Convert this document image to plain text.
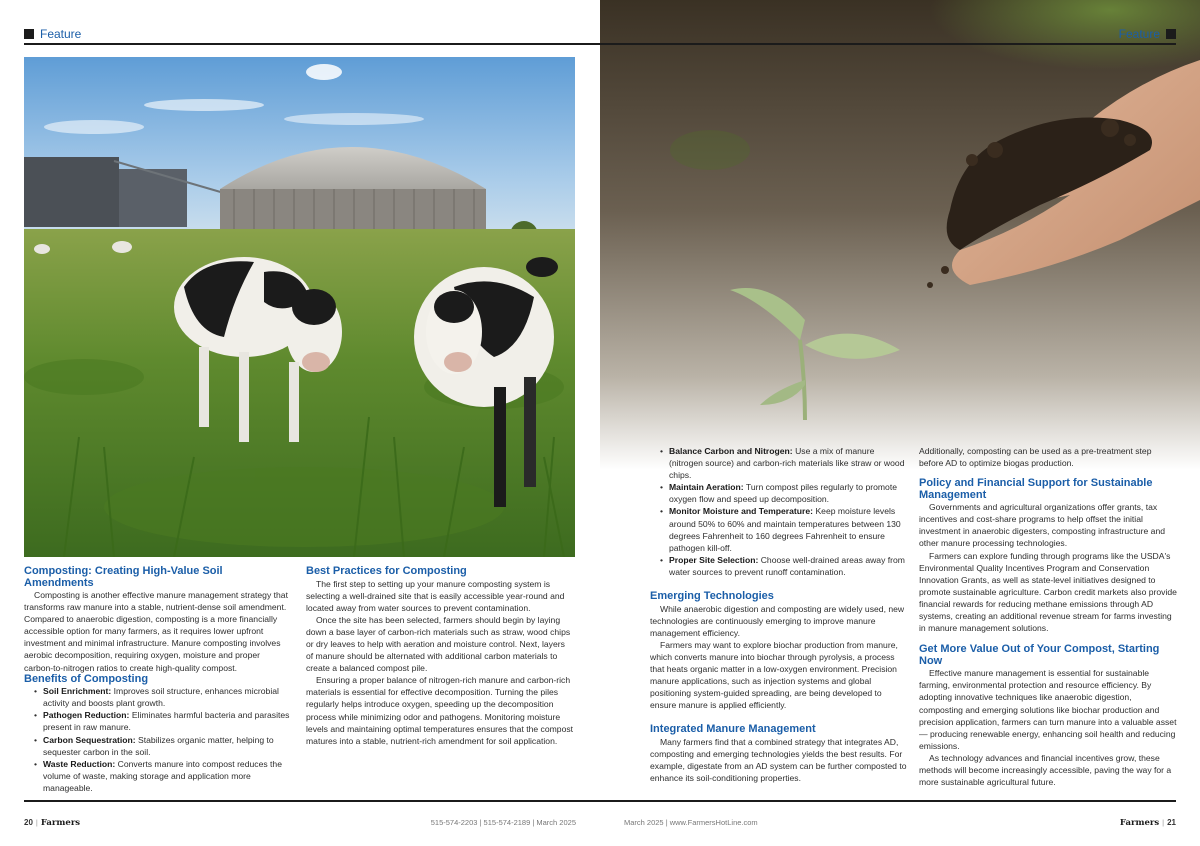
Feature
Composting: Creating High-Value Soil Amendments

Composting is another effective manure management strategy that transforms raw manure into a stable, nutrient-dense soil amendment. Compared to anaerobic digestion, composting is a more financially accessible option for many farmers, as it requires lower upfront investment and minimal infrastructure. Manure composting involves aerobic decomposition, requiring oxygen, moisture and proper carbon-to-nitrogen ratios to create high-quality compost.

Benefits of Composting
• Soil Enrichment: Improves soil structure, enhances microbial activity and boosts plant growth.
• Pathogen Reduction: Eliminates harmful bacteria and parasites present in raw manure.
• Carbon Sequestration: Stabilizes organic matter, helping to sequester carbon in the soil.
• Waste Reduction: Converts manure into compost reduces the volume of waste, making storage and application more manageable.
Best Practices for Composting

The first step to setting up your manure composting system is selecting a well-drained site that is easily accessible year-round and located away from water sources to prevent contamination.

Once the site has been selected, farmers should begin by laying down a base layer of carbon-rich materials such as straw, wood chips or dry leaves to help with aeration and moisture control. Next, layers of manure should be alternated with additional carbon materials to create a balanced compost pile.

Ensuring a proper balance of nitrogen-rich manure and carbon-rich materials is essential for effective decomposition. Turning the piles regularly helps introduce oxygen, speeding up the decomposition process while minimizing odor and pathogens. Monitoring moisture levels and maintaining optimal temperatures ensures that the compost matures into a stable, nutrient-rich amendment for soil application.

20 | Farmers	515-574-2203 | 515-574-2189 | March 2025
Feature
• Balance Carbon and Nitrogen: Use a mix of manure (nitrogen source) and carbon-rich materials like straw or wood chips.
• Maintain Aeration: Turn compost piles regularly to promote oxygen flow and speed up decomposition.
• Monitor Moisture and Temperature: Keep moisture levels around 50% to 60% and maintain temperatures between 130 degrees Fahrenheit to 160 degrees Fahrenheit to ensure pathogen kill-off.
• Proper Site Selection: Choose well-drained areas away from water sources to prevent runoff contamination.
Emerging Technologies

While anaerobic digestion and composting are widely used, new technologies are continuously emerging to improve manure management efficiency.

Farmers may want to explore biochar production from manure, which converts manure into biochar through pyrolysis, a process that heats organic matter in a low-oxygen environment. Precision manure applications, such as injection systems and global positioning system-guided spreading, are being developed to ensure manure is applied efficiently.

Integrated Manure Management

Many farmers find that a combined strategy that integrates AD, composting and emerging technologies yields the best results. For example, digestate from an AD system can be further composted to enhance its soil-conditioning properties.

Additionally, composting can be used as a pre-treatment step before AD to optimize biogas production.

Policy and Financial Support for Sustainable Management

Governments and agricultural organizations offer grants, tax incentives and cost-share programs to help offset the initial investment in anaerobic digesters, composting infrastructure and other manure processing technologies.

Farmers can explore funding through programs like the USDA's Environmental Quality Incentives Program and Conservation Innovation Grants, as well as state-level initiatives designed to promote sustainable agriculture. Carbon credit markets also provide financial rewards for reducing methane emissions through AD systems, creating an additional revenue stream for farms investing in manure management solutions.

Get More Value Out of Your Compost, Starting Now

Effective manure management is essential for sustainable farming, environmental protection and resource efficiency. By adopting innovative techniques like anaerobic digestion, composting and emerging solutions like biochar production and precision application, farmers can turn manure into a valuable asset — producing renewable energy, enhancing soil health and reducing emissions.

As technology advances and financial incentives grow, these methods will become increasingly accessible, paving the way for a more sustainable agricultural future.

March 2025 | www.FarmersHotLine.com	Farmers | 21
